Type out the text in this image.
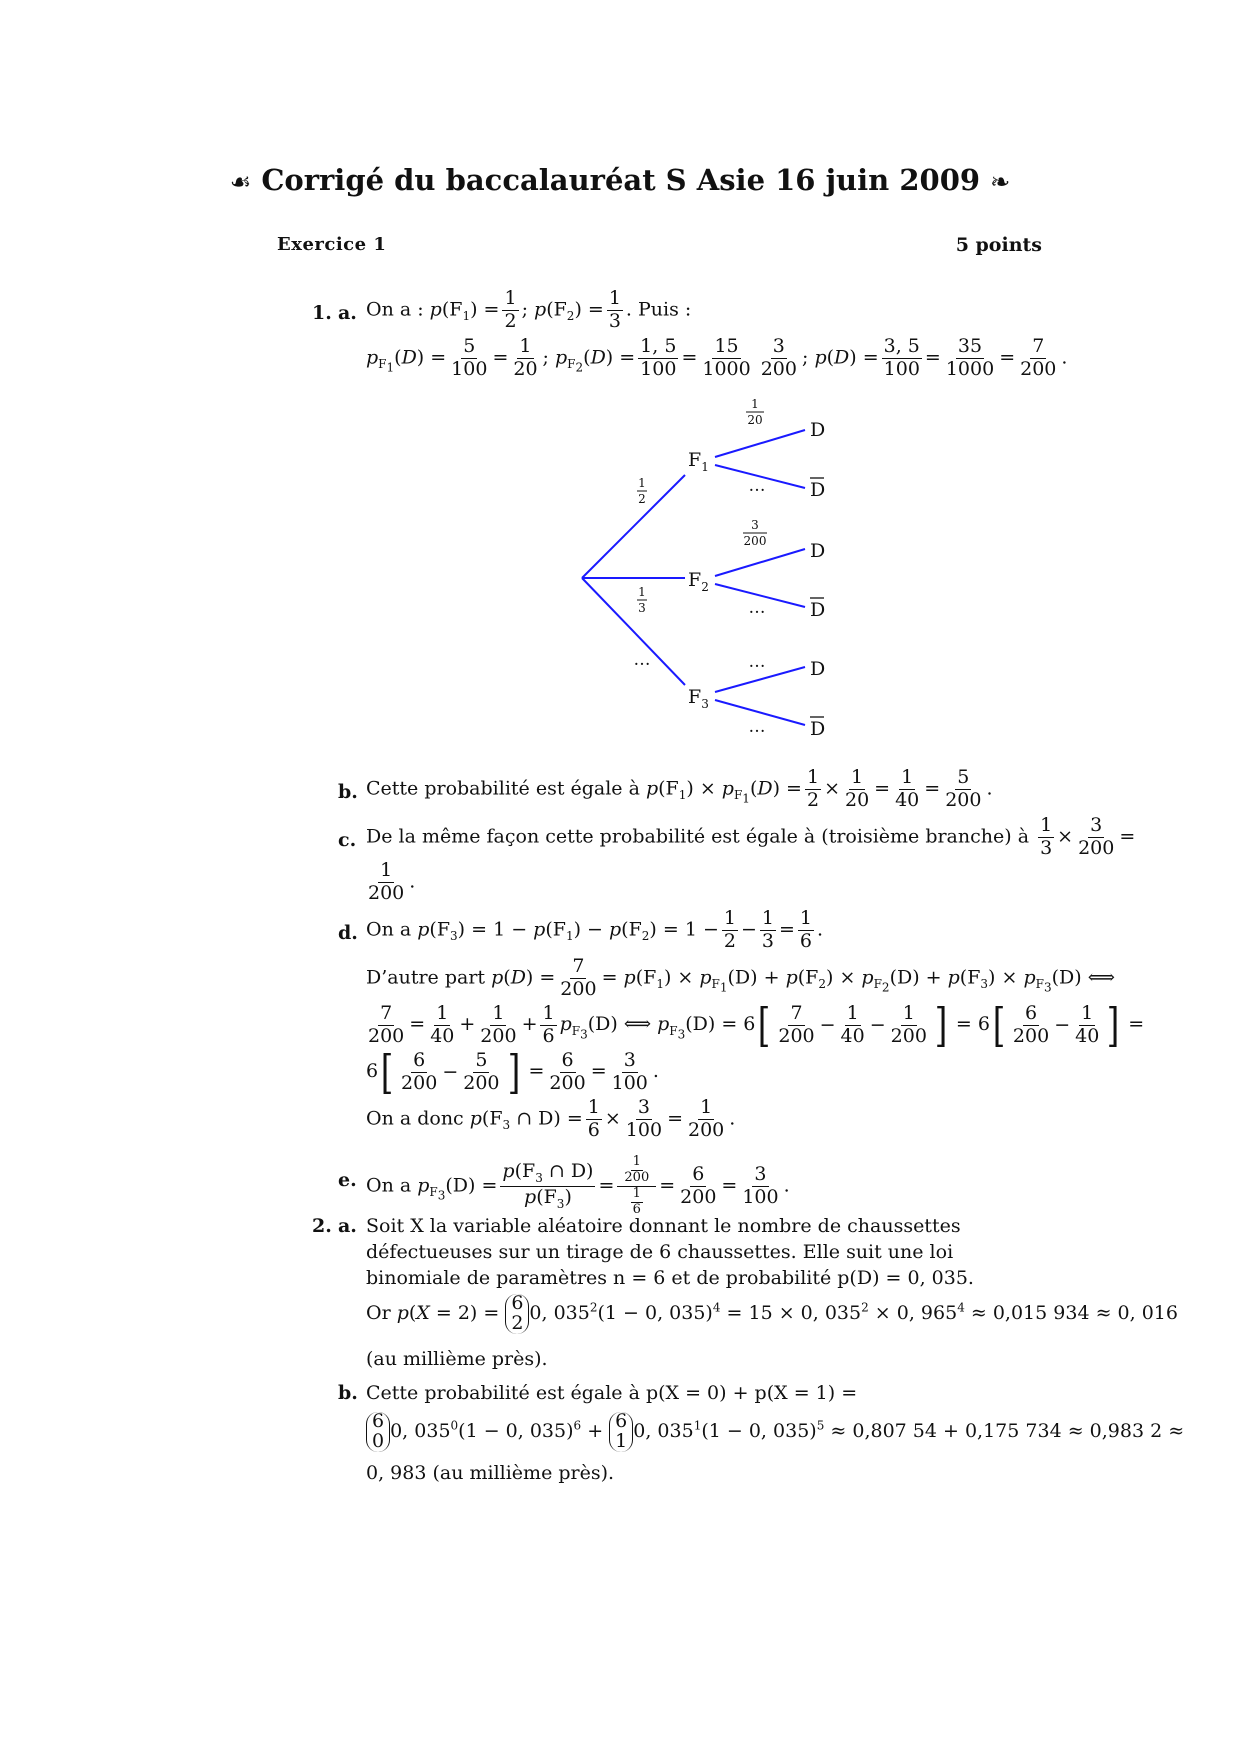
☙ Corrigé du baccalauréat S Asie 16 juin 2009 ❧
Exercice 1	5 points
1. a. On a : $p(F_1) = \frac{1}{2}$ ; $p(F_2) = \frac{1}{3}$ . Puis :
$p_{F_1}(D) = \frac{5}{100} = \frac{1}{20}$ ; $p_{F_2}(D) = \frac{1, 5}{100} = \frac{15}{1000} \frac{3}{200}$ ; $p(D) = \frac{3, 5}{100} = \frac{35}{1000} = \frac{7}{200}$ .
$F_1$
$F_2$
$F_3$
D
D
D
D
D
D
1
2
1
3
1
20
3
200
…
…
…
…
…
b. Cette probabilité est égale à $p(F_1) \times p_{F_1}(D) = \frac{1}{2} \times \frac{1}{20} = \frac{1}{40} = \frac{5}{200}$ .
c. De la même façon cette probabilité est égale à (troisième branche) à $\frac{1}{3} \times \frac{3}{200}$ =
$\frac{1}{200}$ .
d. On a $p(F_3) = 1 - p(F_1) - p(F_2) = 1 - \frac{1}{2} - \frac{1}{3} = \frac{1}{6}$ .
D’autre part $p(D) = \frac{7}{200} = p(F_1) \times p_{F_1}(D) + p(F_2) \times p_{F_2}(D) + p(F_3) \times p_{F_3}(D)$ ⟺
$\frac{7}{200} = \frac{1}{40} + \frac{1}{200} + \frac{1}{6} p_{F_3}(D)$ ⟺ $p_{F_3}(D) = 6$ [ $\frac{7}{200} - \frac{1}{40} - \frac{1}{200}$ ] = 6 [ $\frac{6}{200} - \frac{1}{40}$ ] =
6 [ $\frac{6}{200} - \frac{5}{200}$ ] = $\frac{6}{200} = \frac{3}{100}$ .
On a donc $p(F_3$ ∩ $D) = \frac{1}{6} \times \frac{3}{100} = \frac{1}{200}$ .
e. On a $p_{F_3}(D) = \frac{p(F_3 \cap D)}{p(F_3)} = \frac{\frac{1}{200}}{\frac{1}{6}} = \frac{6}{200} = \frac{3}{100}$ .
2. a. Soit X la variable aléatoire donnant le nombre de chaussettes défectueuses sur un tirage de 6 chaussettes. Elle suit une loi binomiale de paramètres n = 6 et de probabilité p(D) = 0, 035.
Or p(X = 2) = 6
2 0, $035^2(1 - 0$, 035)$^4$ = 15 × 0, $035^2 \times 0$, $965^4 \approx 0,015$ 934 ≈ 0, 016
(au millième près).
b. Cette probabilité est égale à p(X = 0) + p(X = 1) =
6
0 0, $035^0(1 - 0$, 035)$^6$ + 6
1 0, $035^1(1 - 0$, 035)$^5$ ≈ 0,807 54 + 0,175 734 ≈ 0,983 2 ≈
0, 983 (au millième près).
